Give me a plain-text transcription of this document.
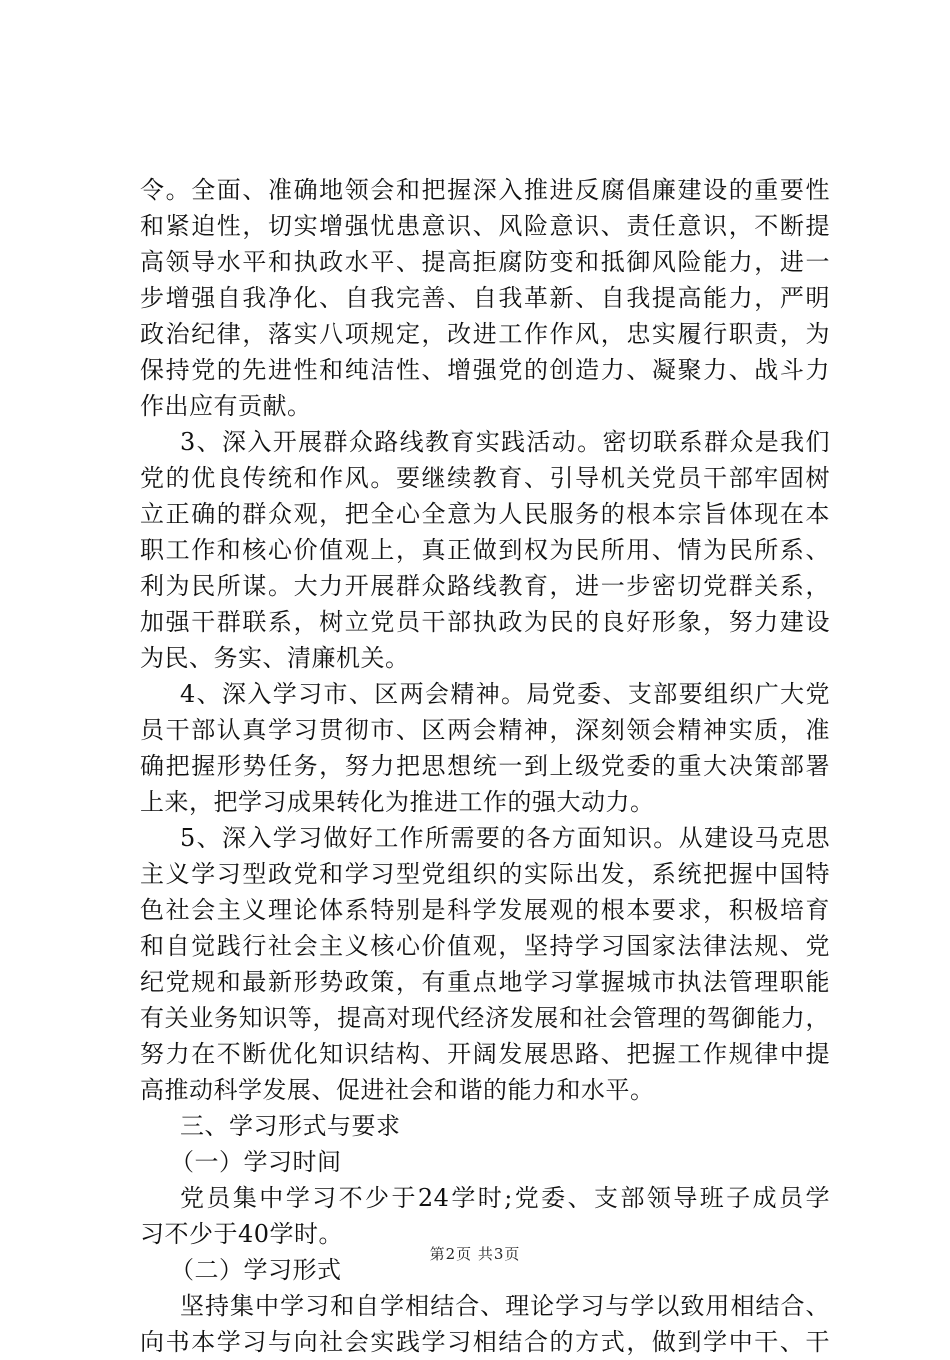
令。全面、准确地领会和把握深入推进反腐倡廉建设的重要性
和紧迫性，切实增强忧患意识、风险意识、责任意识，不断提
高领导水平和执政水平、提高拒腐防变和抵御风险能力，进一
步增强自我净化、自我完善、自我革新、自我提高能力，严明
政治纪律，落实八项规定，改进工作作风，忠实履行职责，为
保持党的先进性和纯洁性、增强党的创造力、凝聚力、战斗力
作出应有贡献。
3、深入开展群众路线教育实践活动。密切联系群众是我们
党的优良传统和作风。要继续教育、引导机关党员干部牢固树
立正确的群众观，把全心全意为人民服务的根本宗旨体现在本
职工作和核心价值观上，真正做到权为民所用、情为民所系、
利为民所谋。大力开展群众路线教育，进一步密切党群关系，
加强干群联系，树立党员干部执政为民的良好形象，努力建设
为民、务实、清廉机关。
4、深入学习市、区两会精神。局党委、支部要组织广大党
员干部认真学习贯彻市、区两会精神，深刻领会精神实质，准
确把握形势任务，努力把思想统一到上级党委的重大决策部署
上来，把学习成果转化为推进工作的强大动力。
5、深入学习做好工作所需要的各方面知识。从建设马克思
主义学习型政党和学习型党组织的实际出发，系统把握中国特
色社会主义理论体系特别是科学发展观的根本要求，积极培育
和自觉践行社会主义核心价值观，坚持学习国家法律法规、党
纪党规和最新形势政策，有重点地学习掌握城市执法管理职能
有关业务知识等，提高对现代经济发展和社会管理的驾御能力，
努力在不断优化知识结构、开阔发展思路、把握工作规律中提
高推动科学发展、促进社会和谐的能力和水平。
三、学习形式与要求
（一）学习时间
党员集中学习不少于24学时;党委、支部领导班子成员学
习不少于40学时。
（二）学习形式
坚持集中学习和自学相结合、理论学习与学以致用相结合、
向书本学习与向社会实践学习相结合的方式，做到学中干、干
第2页 共3页
